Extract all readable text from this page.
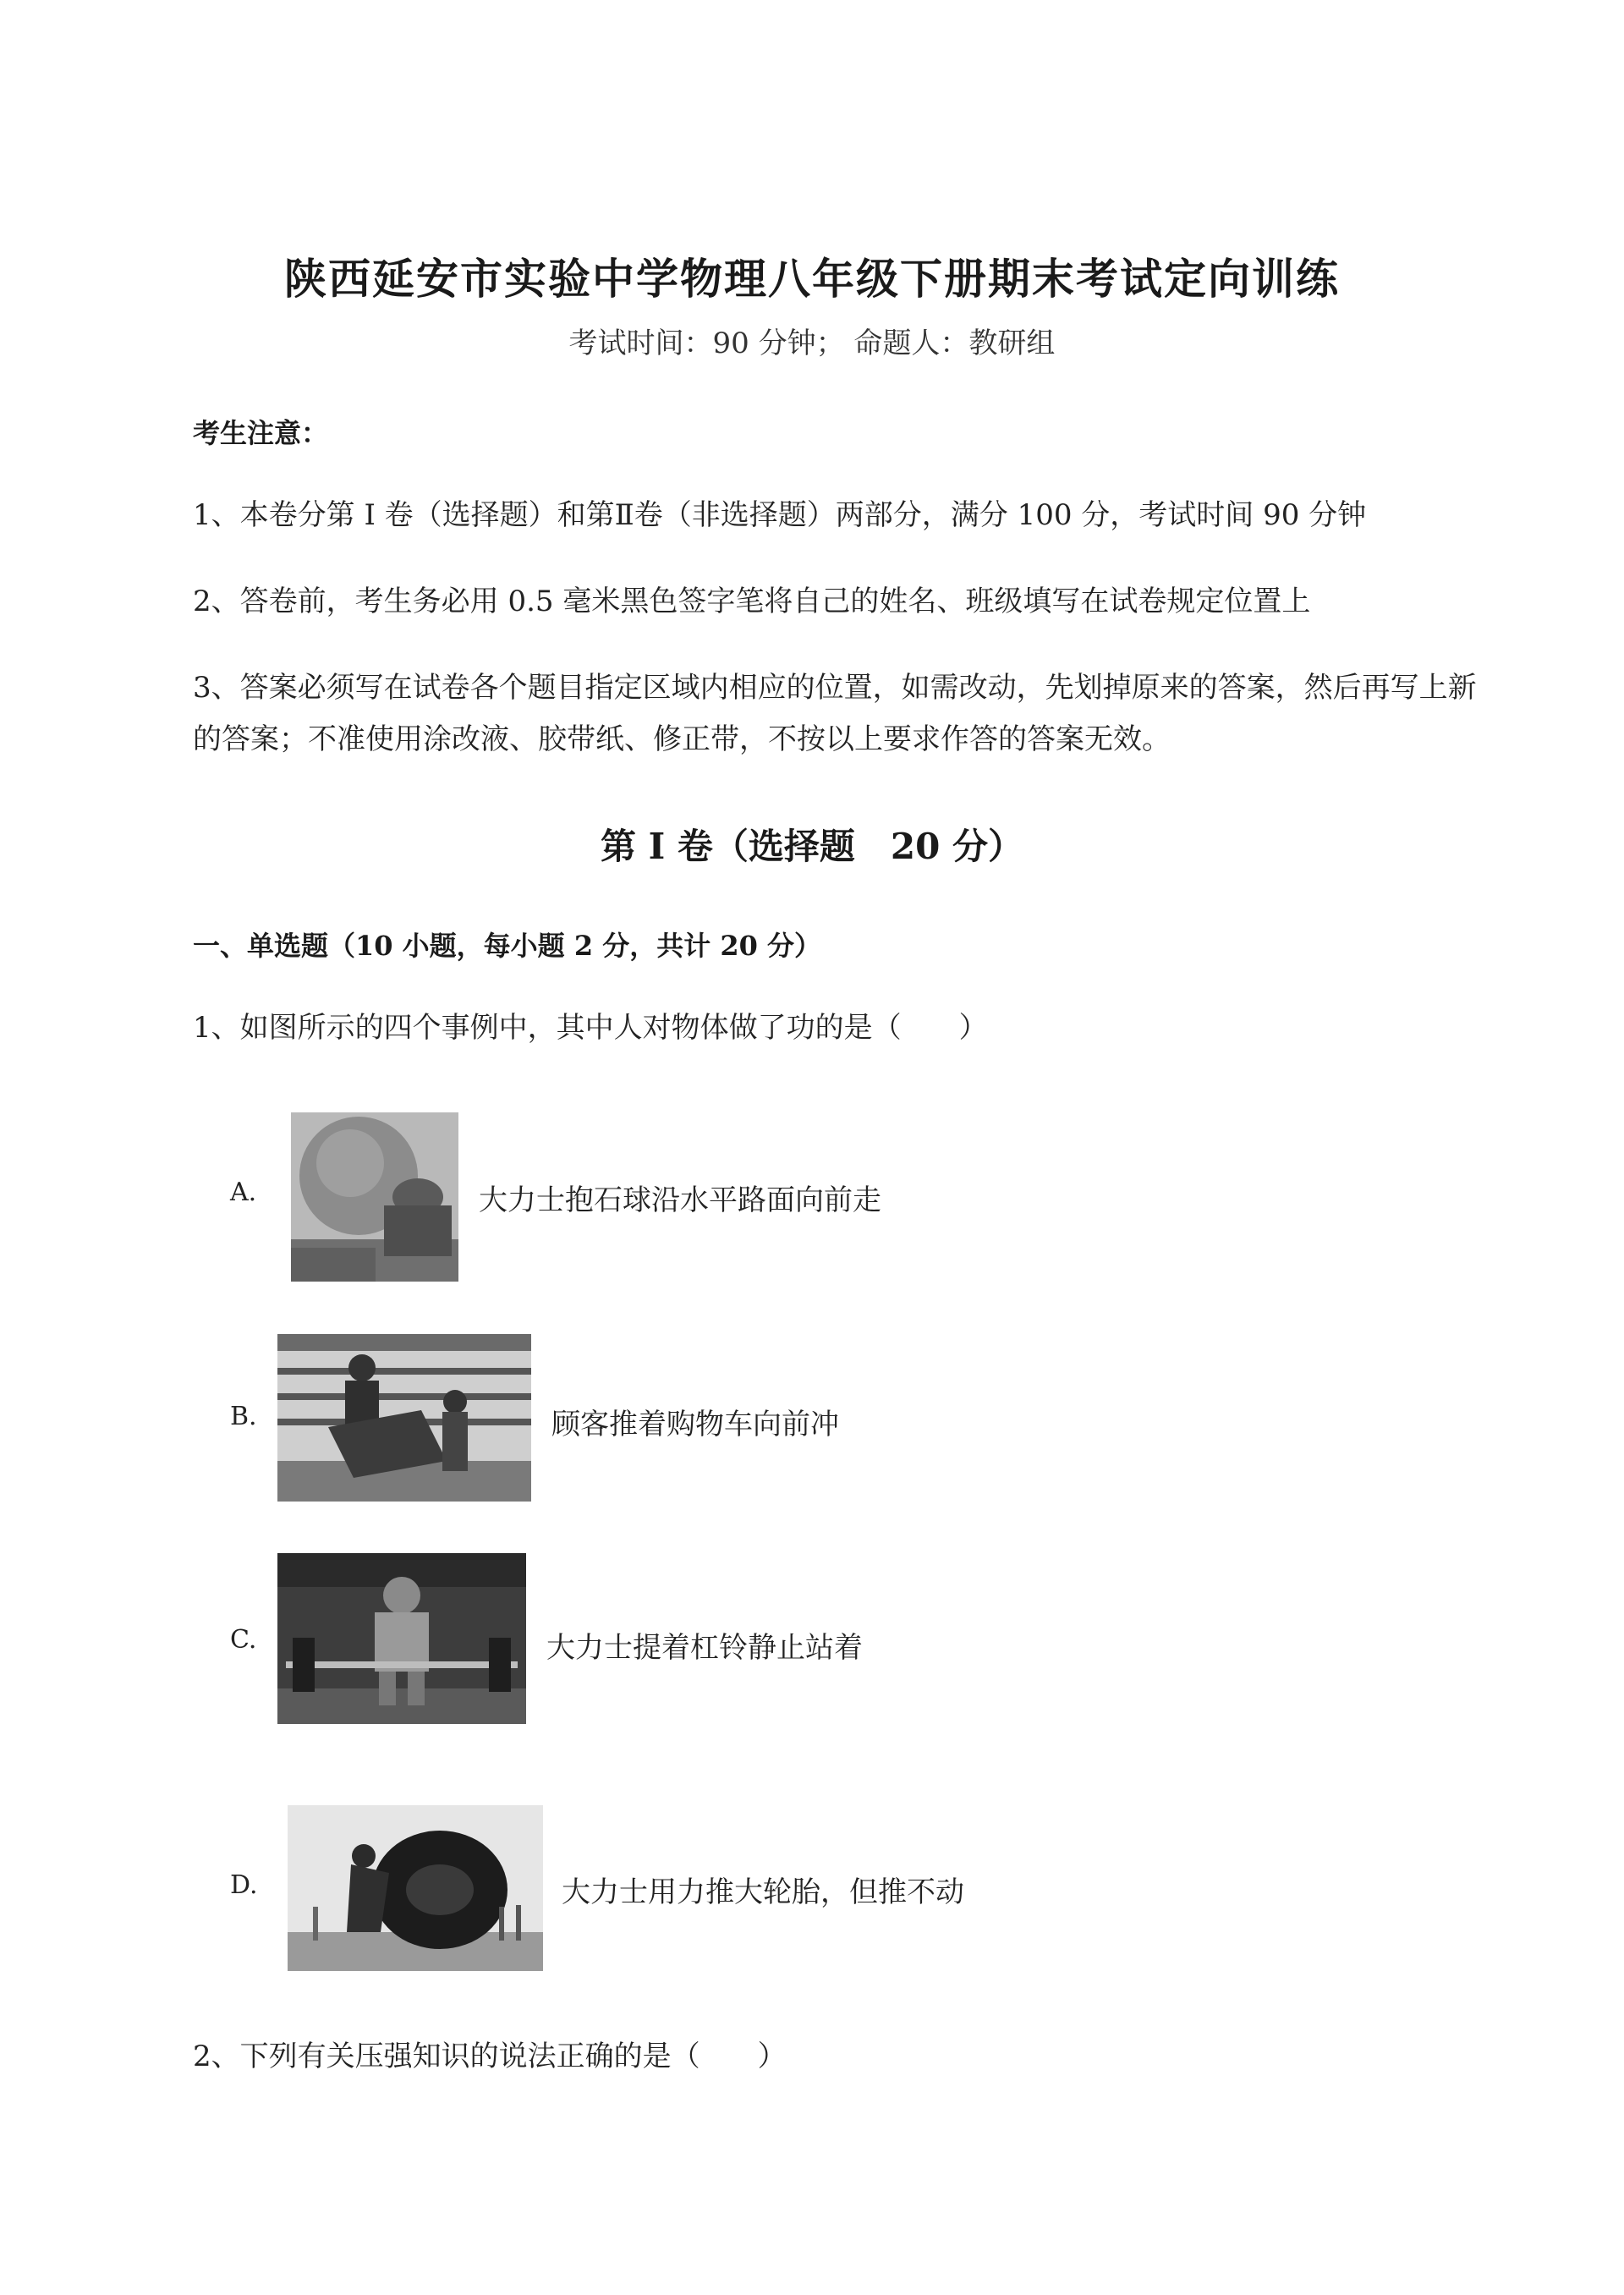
陕西延安市实验中学物理八年级下册期末考试定向训练
考试时间：90 分钟； 命题人：教研组
考生注意：
1、本卷分第 I 卷（选择题）和第Ⅱ卷（非选择题）两部分，满分 100 分，考试时间 90 分钟
2、答卷前，考生务必用 0.5 毫米黑色签字笔将自己的姓名、班级填写在试卷规定位置上
3、答案必须写在试卷各个题目指定区域内相应的位置，如需改动，先划掉原来的答案，然后再写上新
的答案；不准使用涂改液、胶带纸、修正带，不按以上要求作答的答案无效。
第 I 卷（选择题　20 分）
一、单选题（10 小题，每小题 2 分，共计 20 分）
1、如图所示的四个事例中，其中人对物体做了功的是（　　）
A.	大力士抱石球沿水平路面向前走
B.	顾客推着购物车向前冲
C.	大力士提着杠铃静止站着
D.	大力士用力推大轮胎，但推不动
2、下列有关压强知识的说法正确的是（　　）
